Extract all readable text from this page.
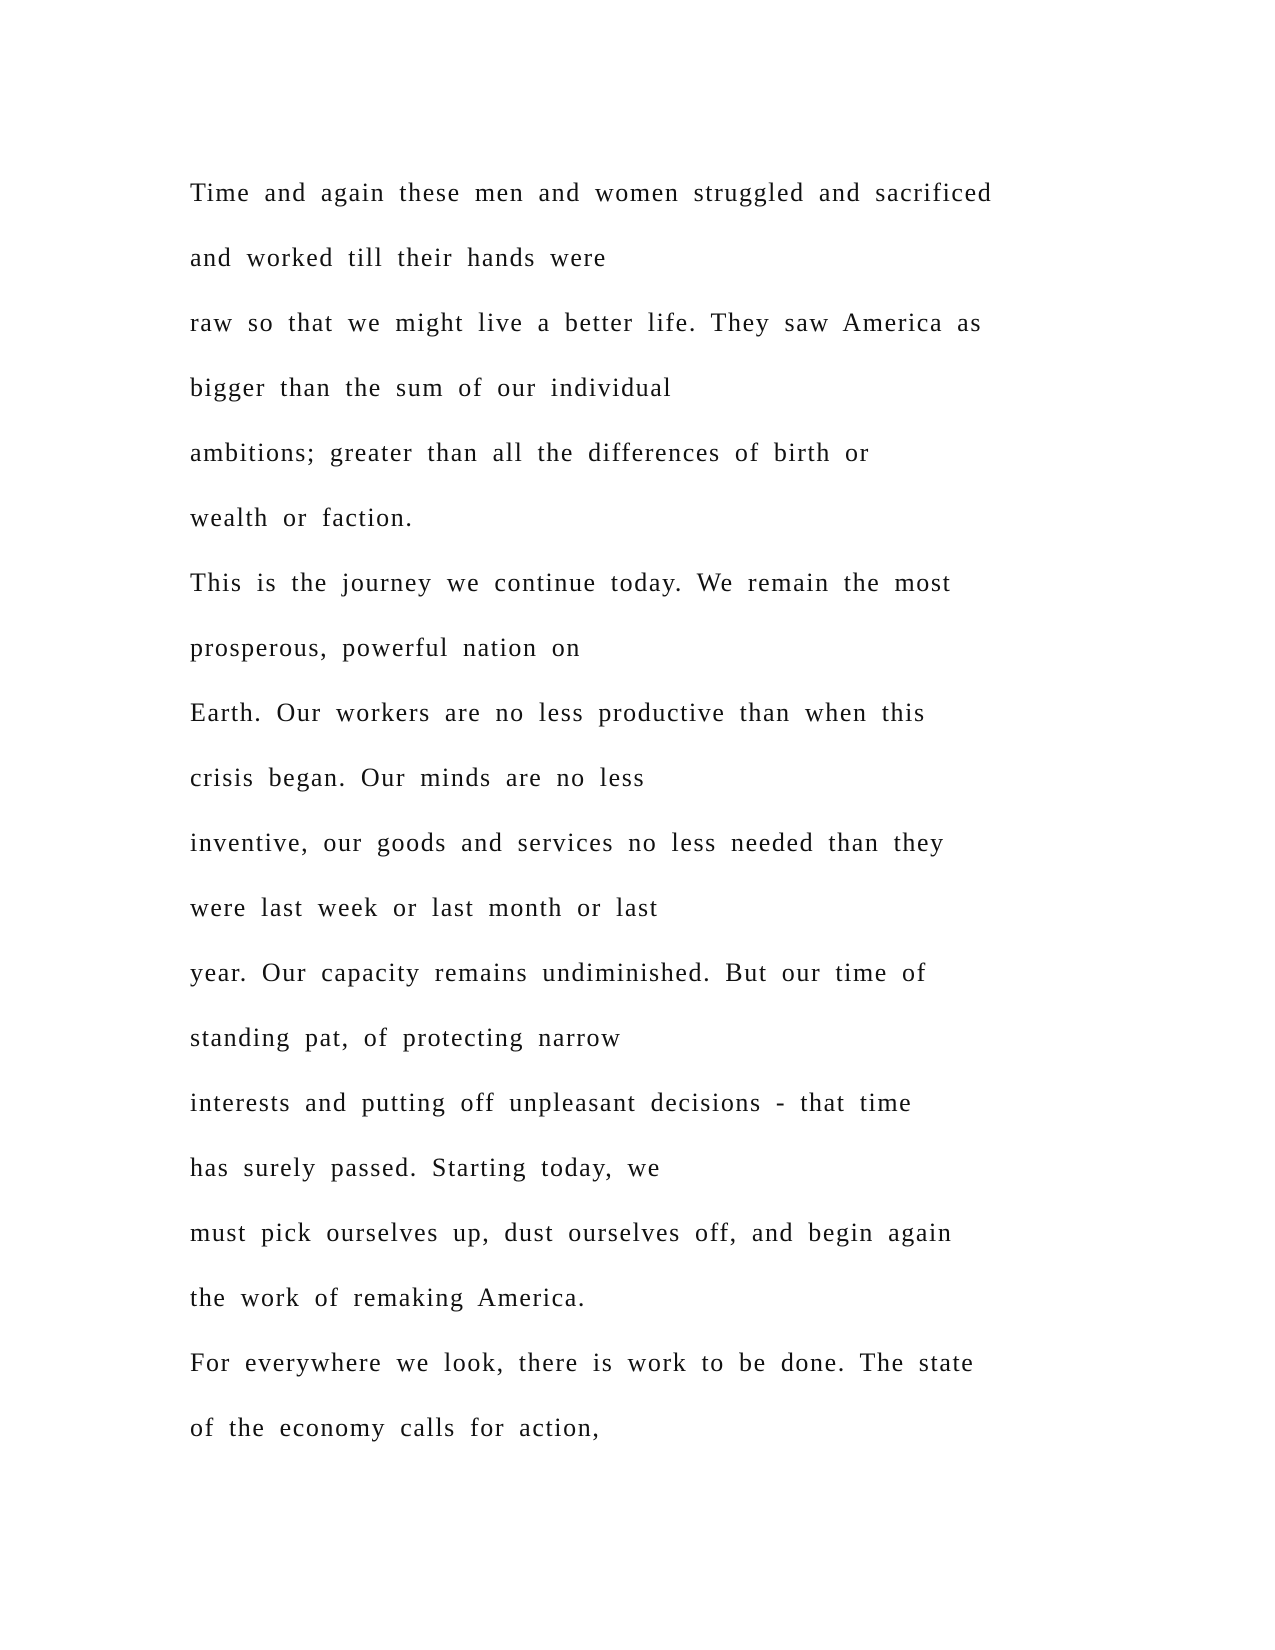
Time and again these men and women struggled and sacrificed
and worked till their hands were
raw so that we might live a better life. They saw America as
bigger than the sum of our individual
ambitions; greater than all the differences of birth or
wealth or faction.
This is the journey we continue today. We remain the most
prosperous, powerful nation on
Earth. Our workers are no less productive than when this
crisis began. Our minds are no less
inventive, our goods and services no less needed than they
were last week or last month or last
year. Our capacity remains undiminished. But our time of
standing pat, of protecting narrow
interests and putting off unpleasant decisions - that time
has surely passed. Starting today, we
must pick ourselves up, dust ourselves off, and begin again
the work of remaking America.
For everywhere we look, there is work to be done. The state
of the economy calls for action,
